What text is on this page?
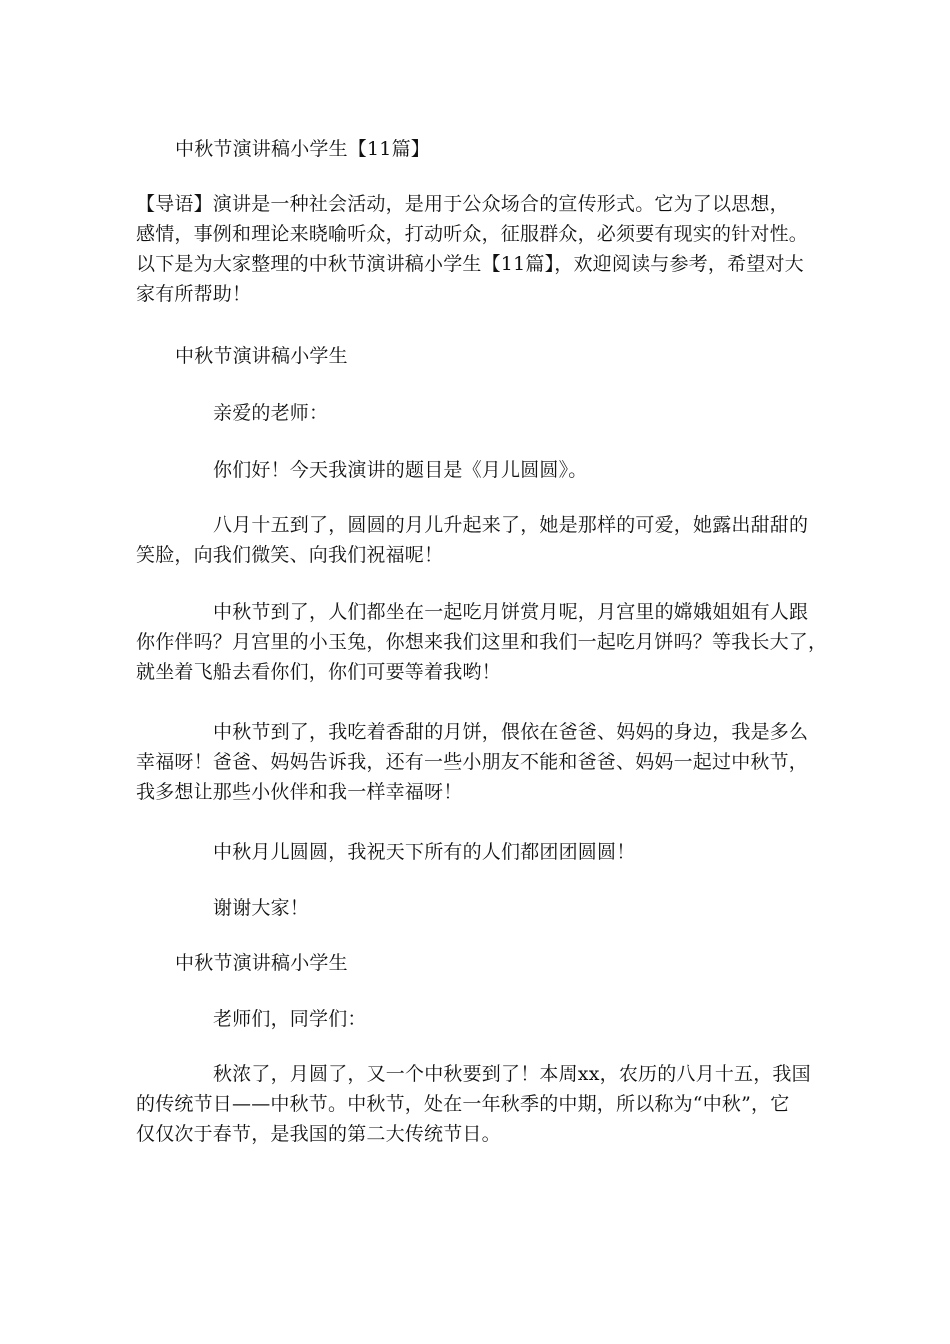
中秋节演讲稿小学生【11篇】
【导语】演讲是一种社会活动，是用于公众场合的宣传形式。它为了以思想，
感情，事例和理论来晓喻听众，打动听众，征服群众，必须要有现实的针对性。
以下是为大家整理的中秋节演讲稿小学生【11篇】，欢迎阅读与参考，希望对大
家有所帮助！
中秋节演讲稿小学生
亲爱的老师：
你们好！今天我演讲的题目是《月儿圆圆》。
八月十五到了，圆圆的月儿升起来了，她是那样的可爱，她露出甜甜的
笑脸，向我们微笑、向我们祝福呢！
中秋节到了，人们都坐在一起吃月饼赏月呢，月宫里的嫦娥姐姐有人跟
你作伴吗？月宫里的小玉兔，你想来我们这里和我们一起吃月饼吗？等我长大了，
就坐着飞船去看你们，你们可要等着我哟！
中秋节到了，我吃着香甜的月饼，偎依在爸爸、妈妈的身边，我是多么
幸福呀！爸爸、妈妈告诉我，还有一些小朋友不能和爸爸、妈妈一起过中秋节，
我多想让那些小伙伴和我一样幸福呀！
中秋月儿圆圆，我祝天下所有的人们都团团圆圆！
谢谢大家！
中秋节演讲稿小学生
老师们，同学们：
秋浓了，月圆了，又一个中秋要到了！本周xx，农历的八月十五，我国
的传统节日——中秋节。中秋节，处在一年秋季的中期，所以称为“中秋”，它
仅仅次于春节，是我国的第二大传统节日。
